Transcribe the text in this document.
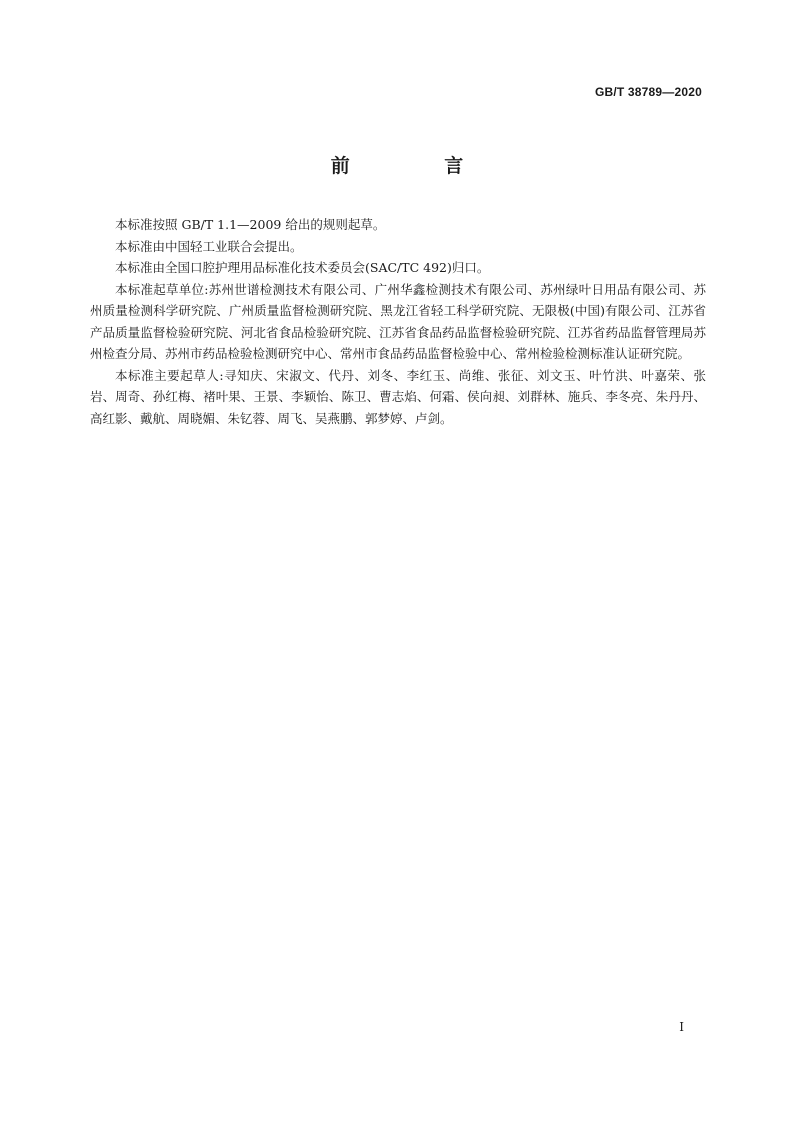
GB/T 38789—2020
前 言

本标准按照 GB/T 1.1—2009 给出的规则起草。

本标准由中国轻工业联合会提出。

本标准由全国口腔护理用品标准化技术委员会(SAC/TC 492)归口。

本标准起草单位:苏州世谱检测技术有限公司、广州华鑫检测技术有限公司、苏州绿叶日用品有限公司、苏州质量检测科学研究院、广州质量监督检测研究院、黑龙江省轻工科学研究院、无限极(中国)有限公司、江苏省产品质量监督检验研究院、河北省食品检验研究院、江苏省食品药品监督检验研究院、江苏省药品监督管理局苏州检查分局、苏州市药品检验检测研究中心、常州市食品药品监督检验中心、常州检验检测标准认证研究院。

本标准主要起草人:寻知庆、宋淑文、代丹、刘冬、李红玉、尚维、张征、刘文玉、叶竹洪、叶嘉荣、张岩、周奇、孙红梅、褚叶果、王景、李颖怡、陈卫、曹志焰、何霜、侯向昶、刘群林、施兵、李冬亮、朱丹丹、高红影、戴航、周晓媚、朱钇蓉、周飞、吴燕鹏、郭梦婷、卢剑。

I
